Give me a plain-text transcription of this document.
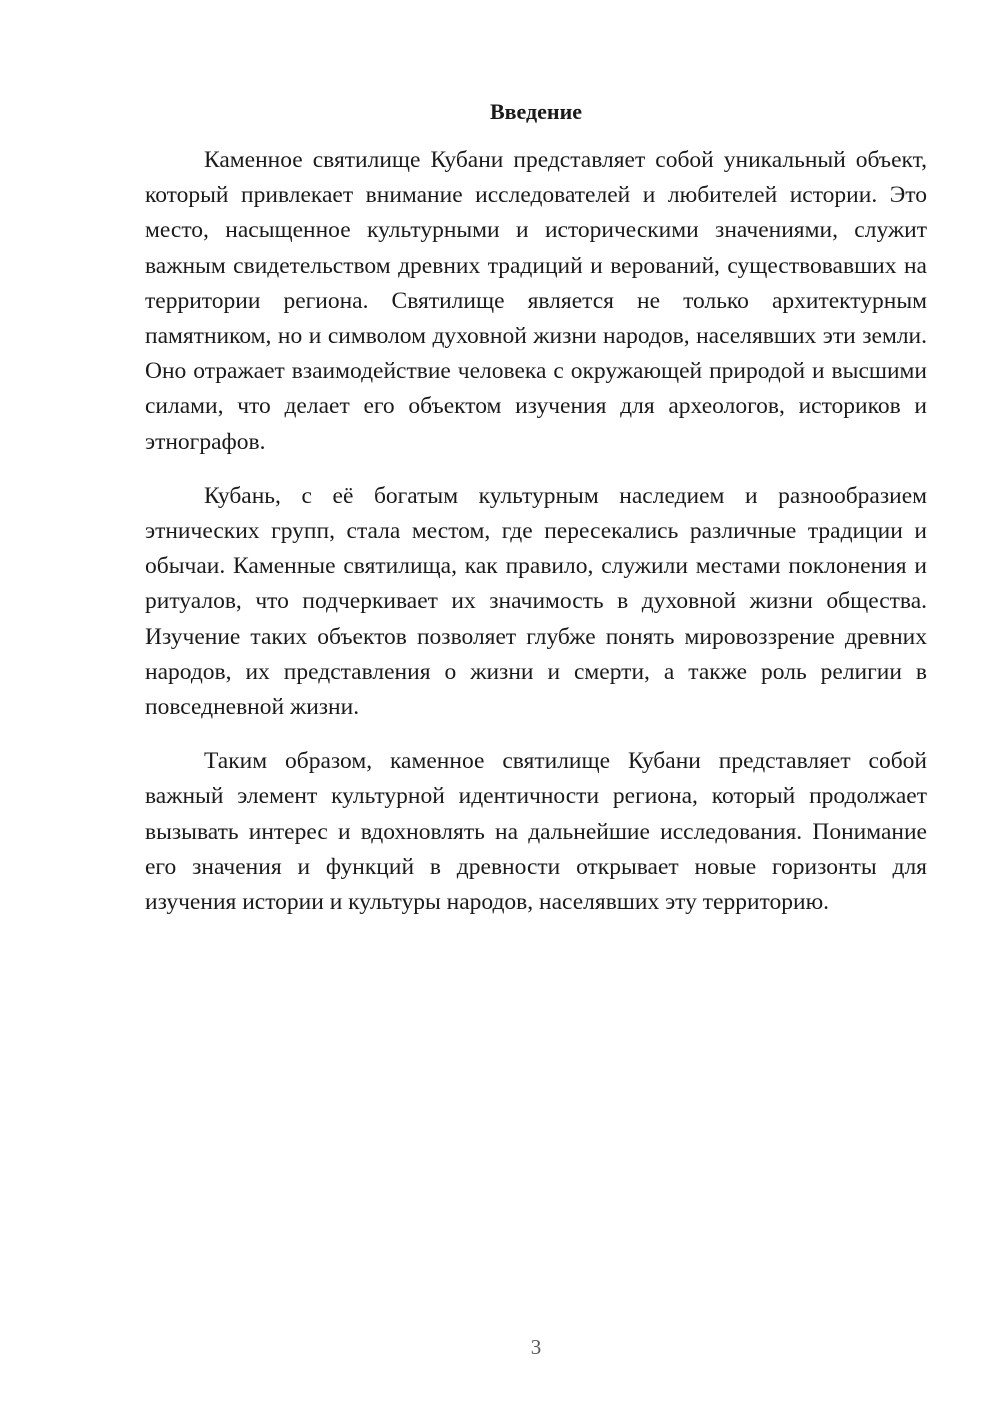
Введение

Каменное святилище Кубани представляет собой уникальный объект, который привлекает внимание исследователей и любителей истории. Это место, насыщенное культурными и историческими значениями, служит важным свидетельством древних традиций и верований, существовавших на территории региона. Святилище является не только архитектурным памятником, но и символом духовной жизни народов, населявших эти земли. Оно отражает взаимодействие человека с окружающей природой и высшими силами, что делает его объектом изучения для археологов, историков и этнографов.

Кубань, с её богатым культурным наследием и разнообразием этнических групп, стала местом, где пересекались различные традиции и обычаи. Каменные святилища, как правило, служили местами поклонения и ритуалов, что подчеркивает их значимость в духовной жизни общества. Изучение таких объектов позволяет глубже понять мировоззрение древних народов, их представления о жизни и смерти, а также роль религии в повседневной жизни.

Таким образом, каменное святилище Кубани представляет собой важный элемент культурной идентичности региона, который продолжает вызывать интерес и вдохновлять на дальнейшие исследования. Понимание его значения и функций в древности открывает новые горизонты для изучения истории и культуры народов, населявших эту территорию.

3
